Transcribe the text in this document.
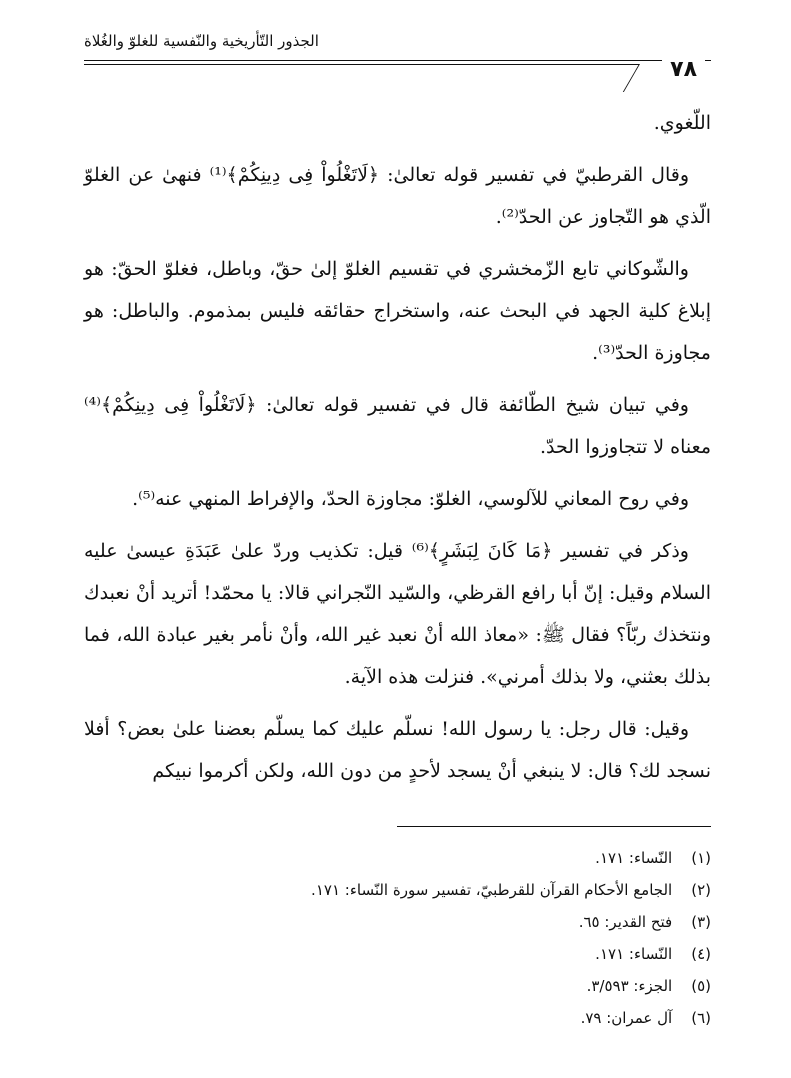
الجذور التّأريخية والنّفسية للغلوّ والغُلاة
٧٨

اللّغوي.

وقال القرطبيّ في تفسير قوله تعالىٰ: ﴿لَاتَغْلُواْ فِى دِينِكُمْ﴾⁽¹⁾ فنهىٰ عن الغلوّ الّذي هو التّجاوز عن الحدّ⁽²⁾.

والشّوكاني تابع الزّمخشري في تقسيم الغلوّ إلىٰ حقّ، وباطل، فغلوّ الحقّ: هو إبلاغ كلية الجهد في البحث عنه، واستخراج حقائقه فليس بمذموم. والباطل: هو مجاوزة الحدّ⁽³⁾.

وفي تبيان شيخ الطّائفة قال في تفسير قوله تعالىٰ: ﴿لَاتَغْلُواْ فِى دِينِكُمْ﴾⁽⁴⁾ معناه لا تتجاوزوا الحدّ.

وفي روح المعاني للآلوسي، الغلوّ: مجاوزة الحدّ، والإفراط المنهي عنه⁽⁵⁾.

وذكر في تفسير ﴿مَا كَانَ لِبَشَرٍ﴾⁽⁶⁾ قيل: تكذيب وردّ علىٰ عَبَدَةِ عيسىٰ عليه السلام وقيل: إنّ أبا رافع القرظي، والسّيد النّجراني قالا: يا محمّد! أتريد أنْ نعبدك ونتخذك ربّاً؟ فقال ﷺ: «معاذ الله أنْ نعبد غير الله، وأنْ نأمر بغير عبادة الله، فما بذلك بعثني، ولا بذلك أمرني». فنزلت هذه الآية.

وقيل: قال رجل: يا رسول الله! نسلّم عليك كما يسلّم بعضنا علىٰ بعض؟ أفلا نسجد لك؟ قال: لا ينبغي أنْ يسجد لأحدٍ من دون الله، ولكن أكرموا نبيكم

(١) النّساء: ١٧١.
(٢) الجامع الأحكام القرآن للقرطبيّ، تفسير سورة النّساء: ١٧١.
(٣) فتح القدير: ٦٥.
(٤) النّساء: ١٧١.
(٥) الجزء: ٣/٥٩٣.
(٦) آل عمران: ٧٩.
